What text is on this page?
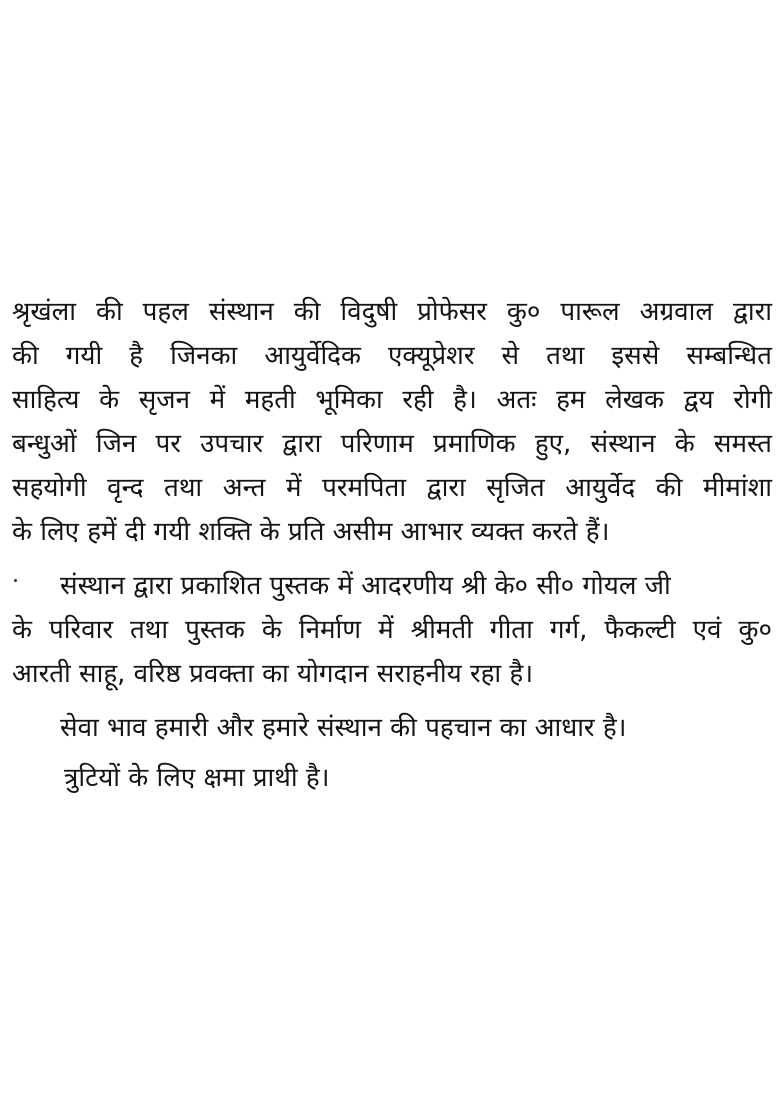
श्रृखंला की पहल संस्थान की विदुषी प्रोफेसर कु० पारूल अग्रवाल द्वारा
की गयी है जिनका आयुर्वेदिक एक्यूप्रेशर से तथा इससे सम्बन्धित
साहित्य के सृजन में महती भूमिका रही है। अतः हम लेखक द्वय रोगी
बन्धुओं जिन पर उपचार द्वारा परिणाम प्रमाणिक हुए, संस्थान के समस्त
सहयोगी वृन्द तथा अन्त में परमपिता द्वारा सृजित आयुर्वेद की मीमांशा
के लिए हमें दी गयी शक्ति के प्रति असीम आभार व्यक्त करते हैं।
संस्थान द्वारा प्रकाशित पुस्तक में आदरणीय श्री के० सी० गोयल जी
के परिवार तथा पुस्तक के निर्माण में श्रीमती गीता गर्ग, फैकल्टी एवं कु०
आरती साहू, वरिष्ठ प्रवक्ता का योगदान सराहनीय रहा है।
सेवा भाव हमारी और हमारे संस्थान की पहचान का आधार है।
त्रुटियों के लिए क्षमा प्राथी है।
